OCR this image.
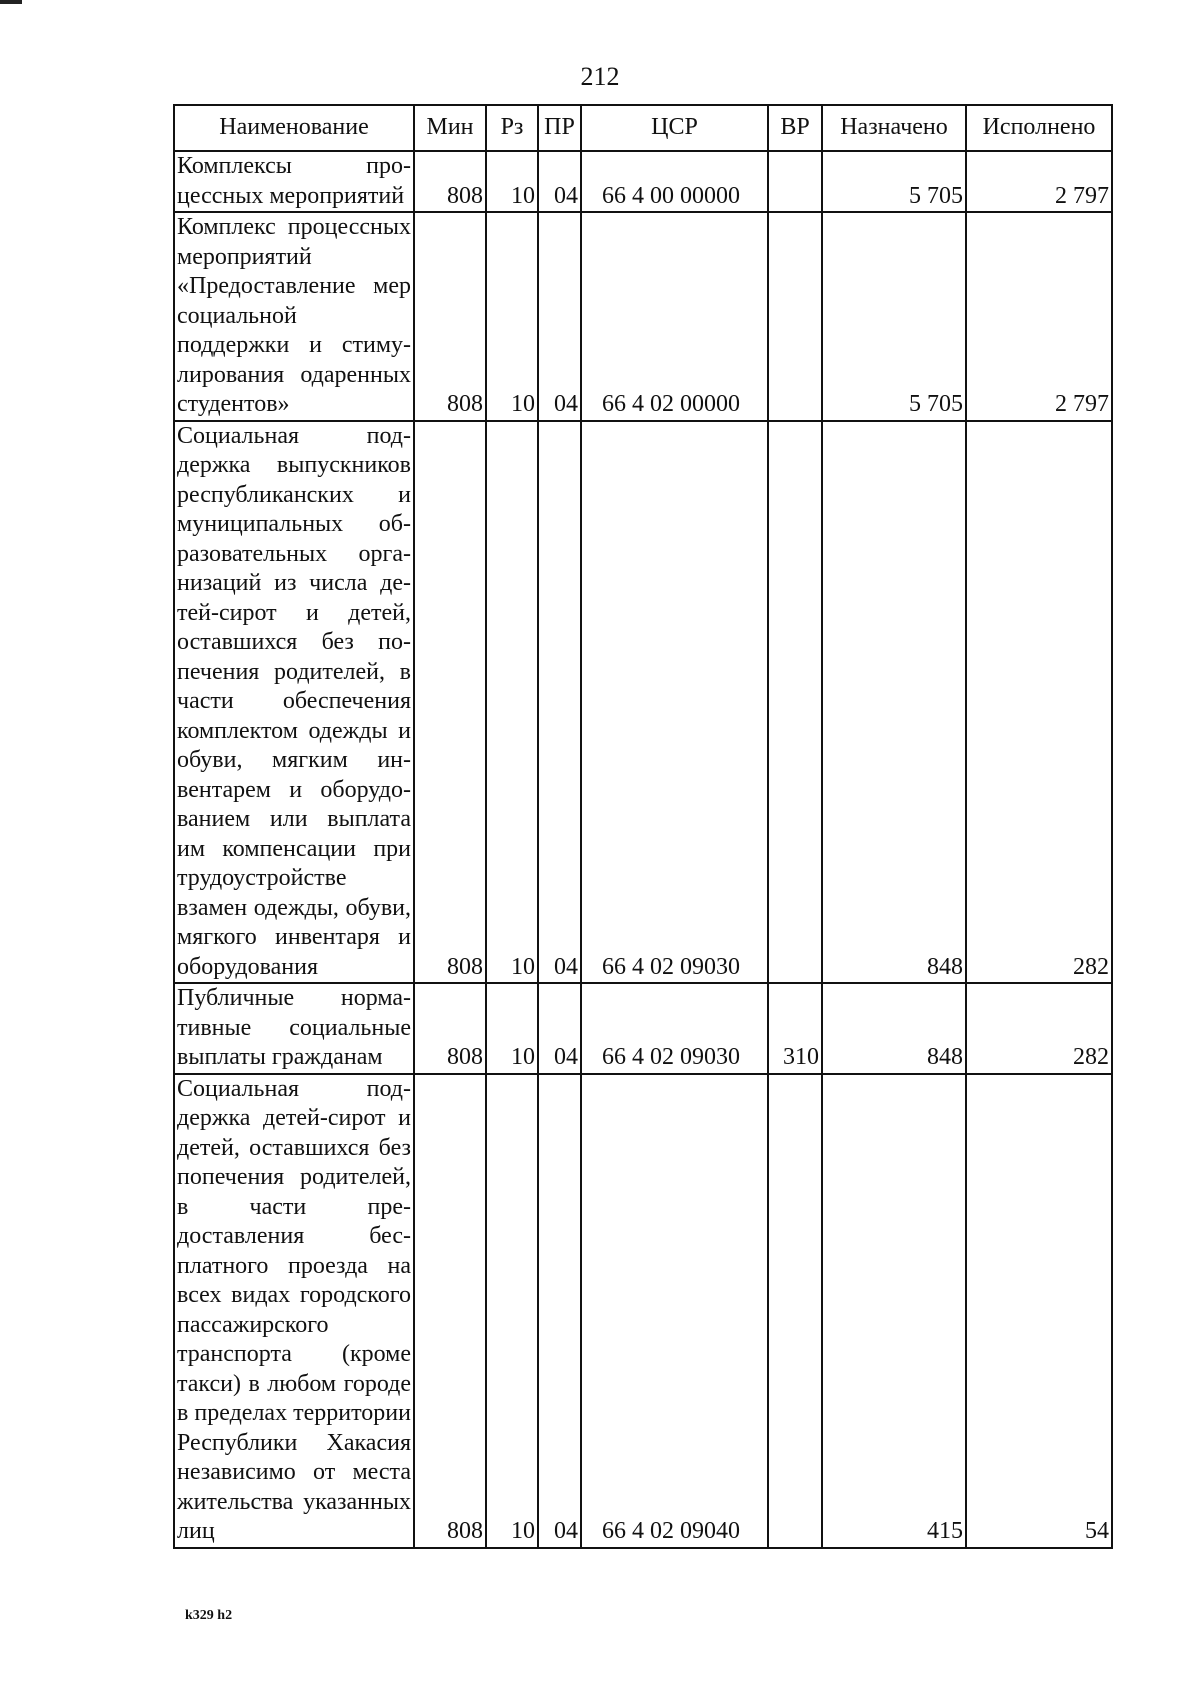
212
Наименование	Мин	Рз	ПР	ЦСР	ВР	Назначено	Исполнено
Комплексы процессных мероприятий	808	10	04	66 4 00 00000		5 705	2 797
Комплекс процессных мероприятий «Предоставление мер социальной поддержки и стимулирования одаренных студентов»	808	10	04	66 4 02 00000		5 705	2 797
Социальная поддержка выпускников республиканских и муниципальных образовательных организаций из числа детей-сирот и детей, оставшихся без попечения родителей, в части обеспечения комплектом одежды и обуви, мягким инвентарем и оборудованием или выплата им компенсации при трудоустройстве взамен одежды, обуви, мягкого инвентаря и оборудования	808	10	04	66 4 02 09030		848	282
Публичные нормативные социальные выплаты гражданам	808	10	04	66 4 02 09030	310	848	282
Социальная поддержка детей-сирот и детей, оставшихся без попечения родителей, в части предоставления бесплатного проезда на всех видах городского пассажирского транспорта (кроме такси) в любом городе в пределах территории Республики Хакасия независимо от места жительства указанных лиц	808	10	04	66 4 02 09040		415	54
k329 h2
